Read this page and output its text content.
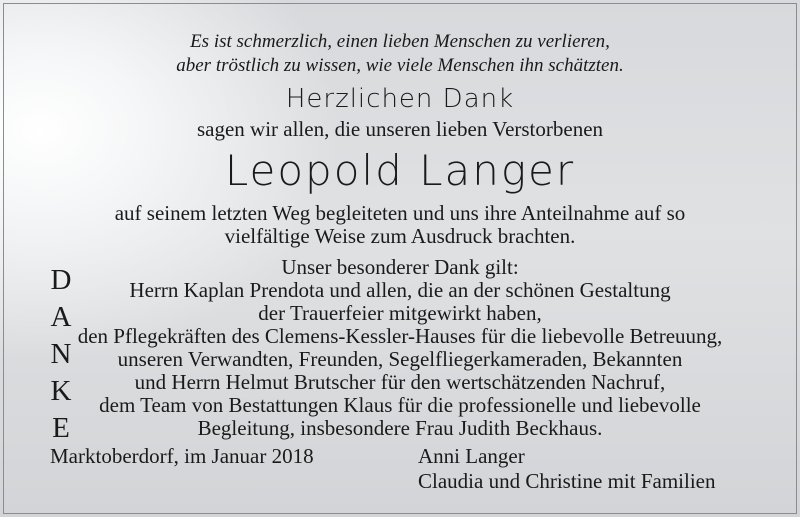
Es ist schmerzlich, einen lieben Menschen zu verlieren,
aber tröstlich zu wissen, wie viele Menschen ihn schätzten.
Herzlichen Dank
sagen wir allen, die unseren lieben Verstorbenen
Leopold Langer
auf seinem letzten Weg begleiteten und uns ihre Anteilnahme auf so
vielfältige Weise zum Ausdruck brachten.
Unser besonderer Dank gilt:
Herrn Kaplan Prendota und allen, die an der schönen Gestaltung
der Trauerfeier mitgewirkt haben,
den Pflegekräften des Clemens-Kessler-Hauses für die liebevolle Betreuung,
unseren Verwandten, Freunden, Segelfliegerkameraden, Bekannten
und Herrn Helmut Brutscher für den wertschätzenden Nachruf,
dem Team von Bestattungen Klaus für die professionelle und liebevolle
Begleitung, insbesondere Frau Judith Beckhaus.
D
A
N
K
E
Marktoberdorf, im Januar 2018	Anni Langer
Claudia und Christine mit Familien
